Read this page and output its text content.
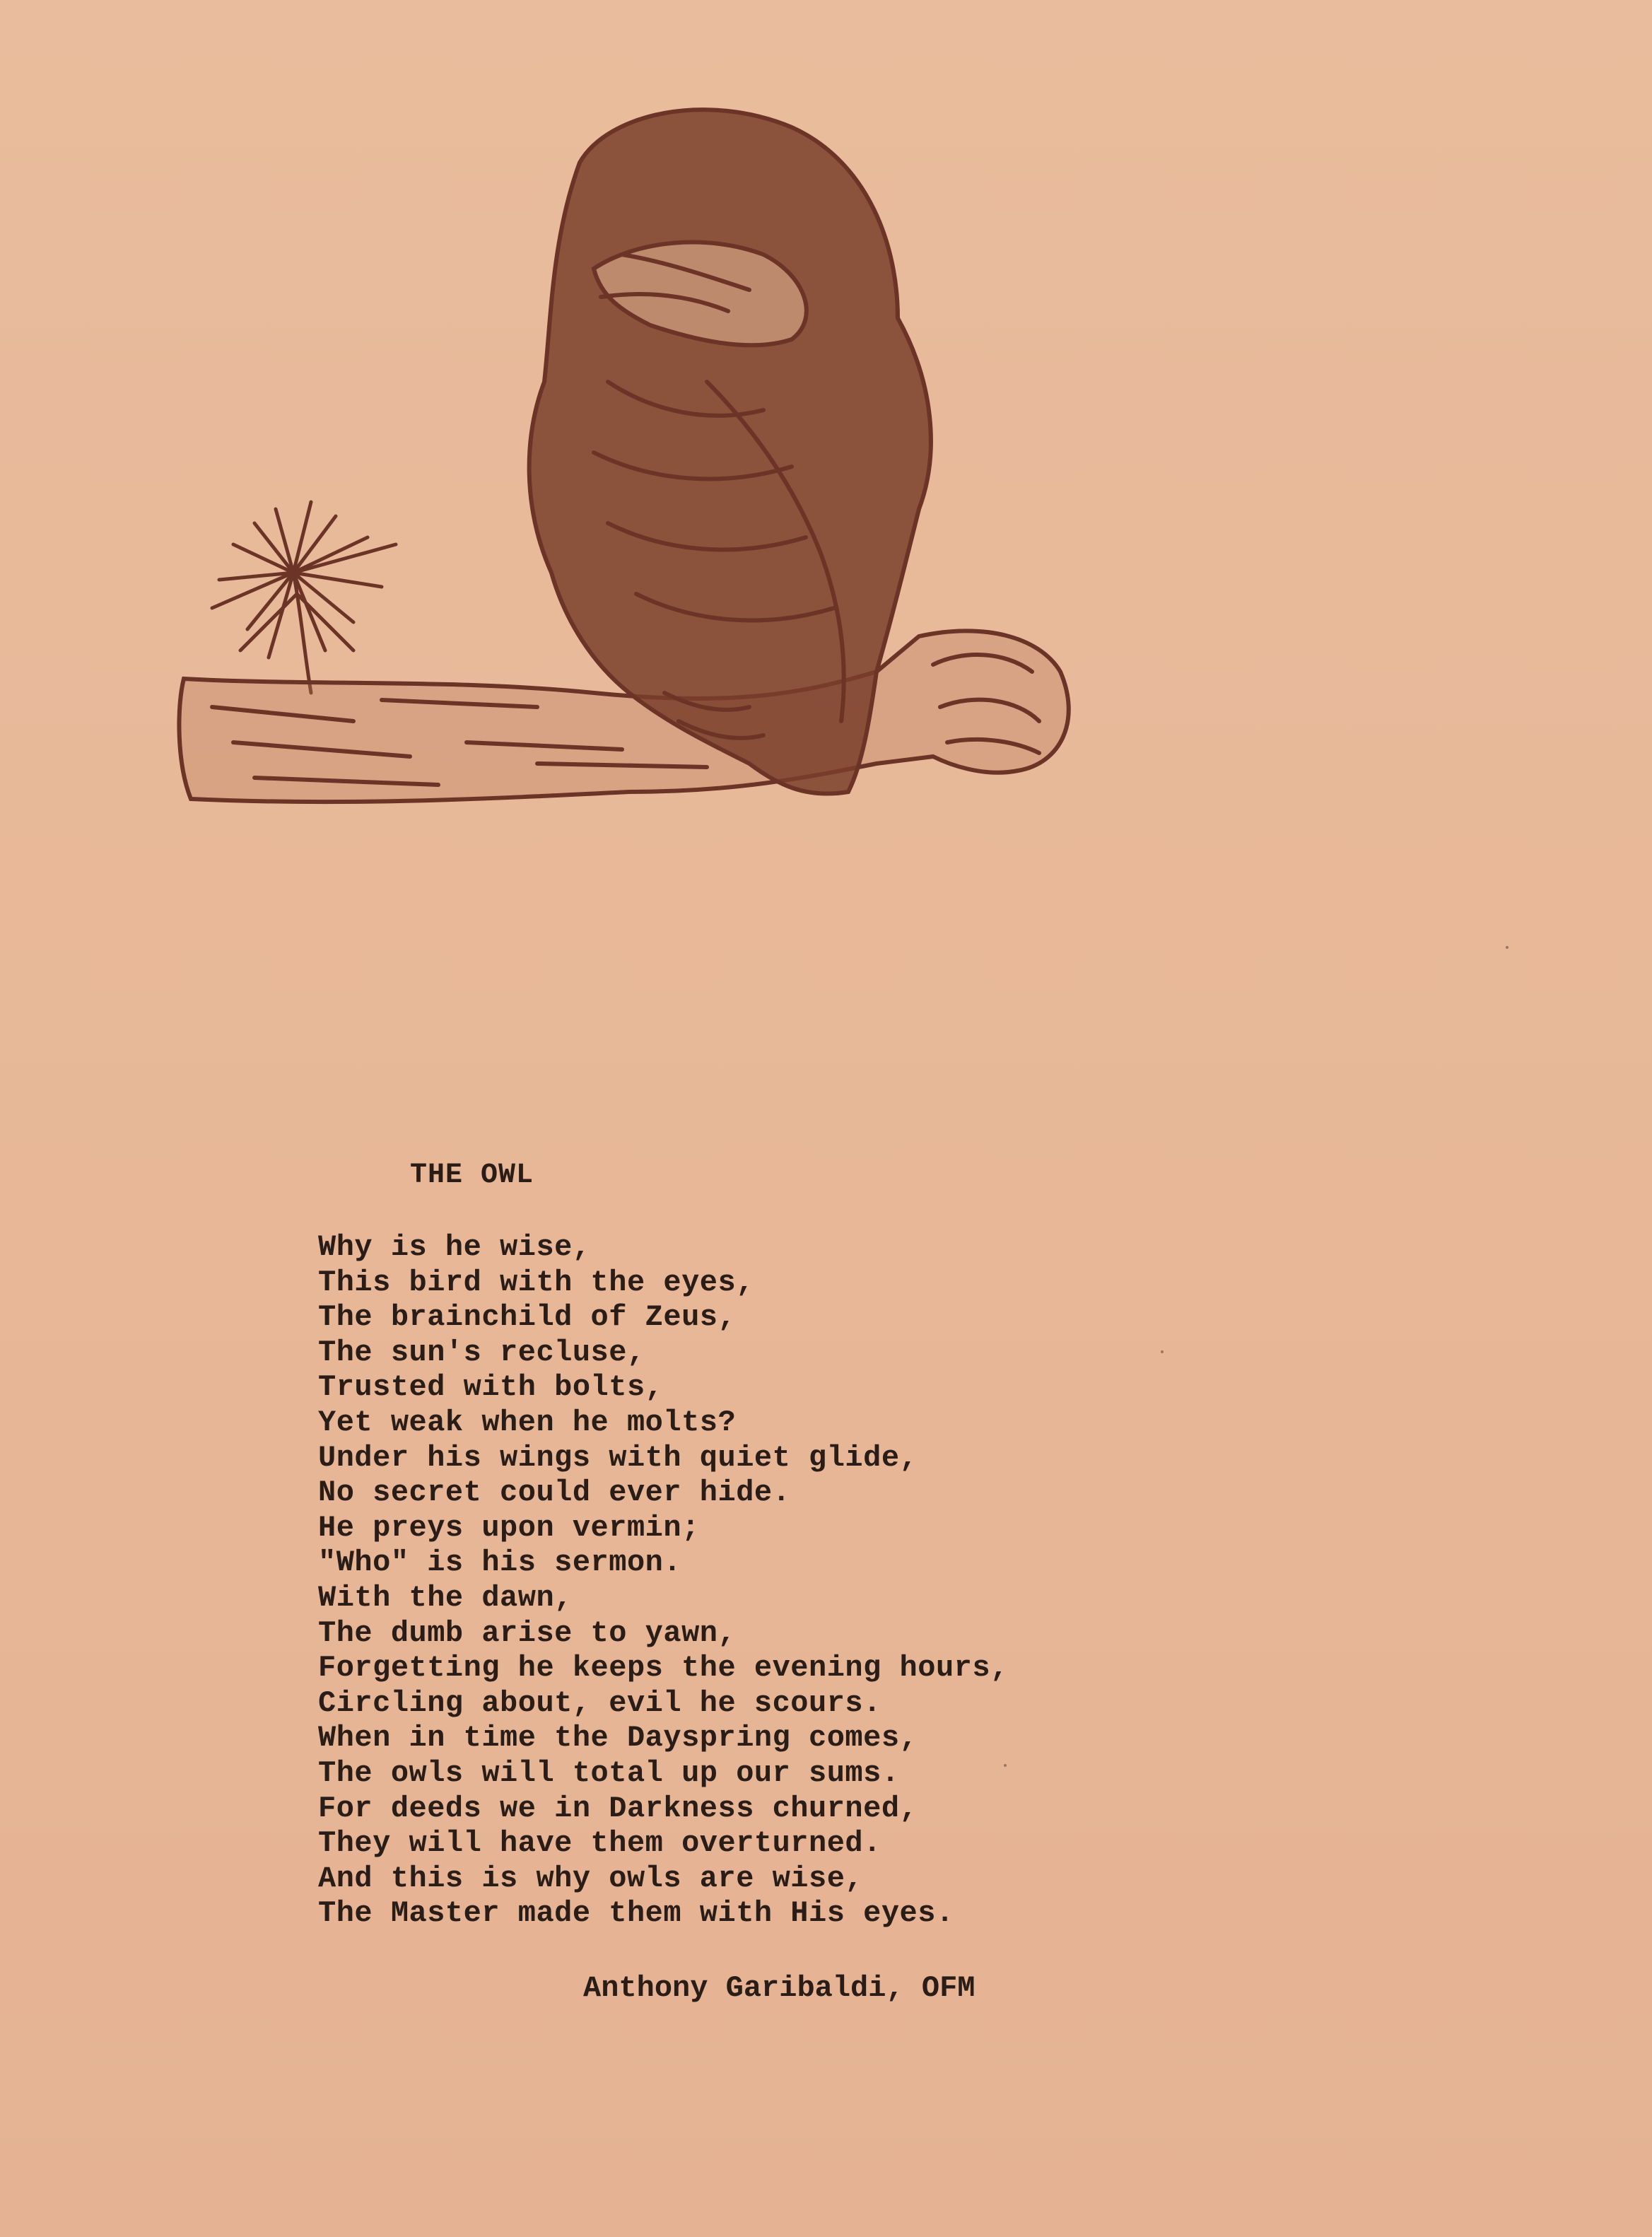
THE OWL
Why is he wise,
This bird with the eyes,
The brainchild of Zeus,
The sun's recluse,
Trusted with bolts,
Yet weak when he molts?
Under his wings with quiet glide,
No secret could ever hide.
He preys upon vermin;
"Who" is his sermon.
With the dawn,
The dumb arise to yawn,
Forgetting he keeps the evening hours,
Circling about, evil he scours.
When in time the Dayspring comes,
The owls will total up our sums.
For deeds we in Darkness churned,
They will have them overturned.
And this is why owls are wise,
The Master made them with His eyes.
Anthony Garibaldi, OFM
